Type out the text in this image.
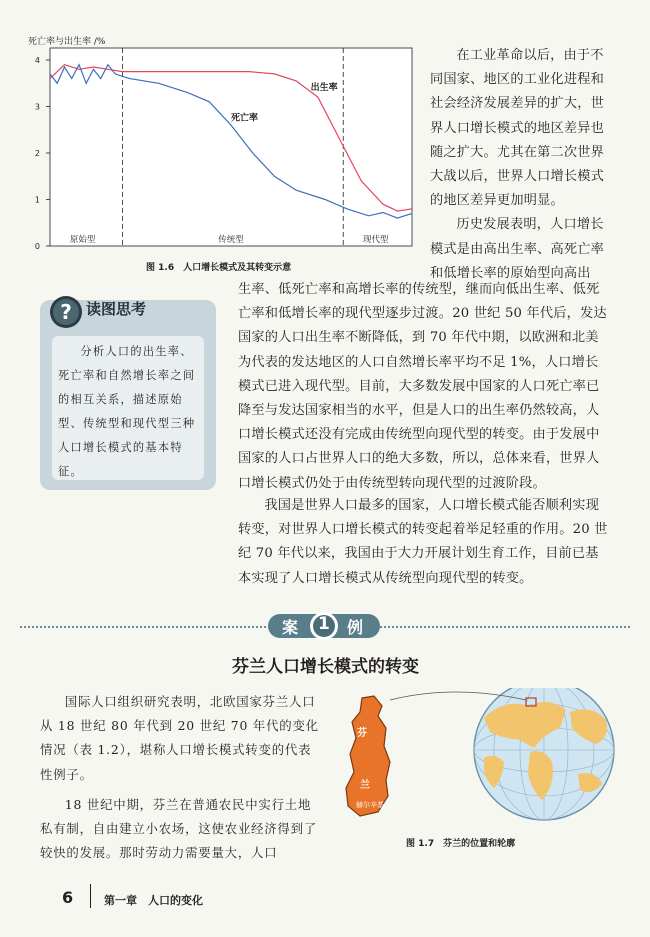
死亡率与出生率 /%
0
1
2
3
4
原始型	传统型	现代型
出生率
死亡率
图 1.6　人口增长模式及其转变示意

在工业革命以后，由于不同国家、地区的工业化进程和社会经济发展差异的扩大，世界人口增长模式的地区差异也随之扩大。尤其在第二次世界大战以后，世界人口增长模式的地区差异更加明显。

历史发展表明，人口增长模式是由高出生率、高死亡率和低增长率的原始型向高出

生率、低死亡率和高增长率的传统型，继而向低出生率、低死亡率和低增长率的现代型逐步过渡。20 世纪 50 年代后，发达国家的人口出生率不断降低，到 70 年代中期，以欧洲和北美为代表的发达地区的人口自然增长率平均不足 1%，人口增长模式已进入现代型。目前，大多数发展中国家的人口死亡率已降至与发达国家相当的水平，但是人口的出生率仍然较高，人口增长模式还没有完成由传统型向现代型的转变。由于发展中国家的人口占世界人口的绝大多数，所以，总体来看，世界人口增长模式仍处于由传统型转向现代型的过渡阶段。

我国是世界人口最多的国家，人口增长模式能否顺利实现转变，对世界人口增长模式的转变起着举足轻重的作用。20 世纪 70 年代以来，我国由于大力开展计划生育工作，目前已基本实现了人口增长模式从传统型向现代型的转变。

分析人口的出生率、死亡率和自然增长率之间的相互关系，描述原始型、传统型和现代型三种人口增长模式的基本特征。

? 读图思考
案 1 例
芬兰人口增长模式的转变

国际人口组织研究表明，北欧国家芬兰人口从 18 世纪 80 年代到 20 世纪 70 年代的变化情况（表 1.2），堪称人口增长模式转变的代表性例子。

18 世纪中期，芬兰在普通农民中实行土地私有制，自由建立小农场，这使农业经济得到了较快的发展。那时劳动力需要量大，人口

芬
兰
赫尔辛基
图 1.7　芬兰的位置和轮廓
6	第一章　人口的变化
